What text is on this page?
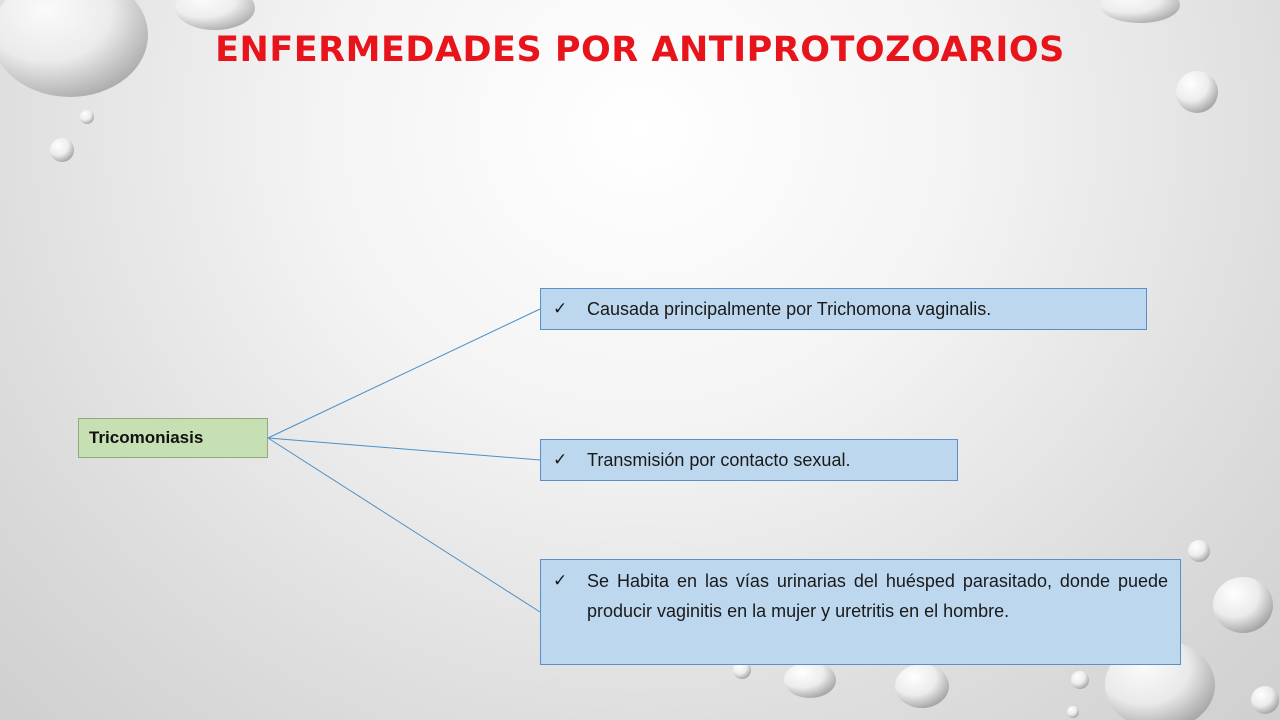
ENFERMEDADES POR ANTIPROTOZOARIOS
Tricomoniasis
✓ Causada principalmente por Trichomona vaginalis.
✓ Transmisión por contacto sexual.
✓ Se Habita en las vías urinarias del huésped parasitado, donde puede producir vaginitis en la mujer y uretritis en el hombre.
